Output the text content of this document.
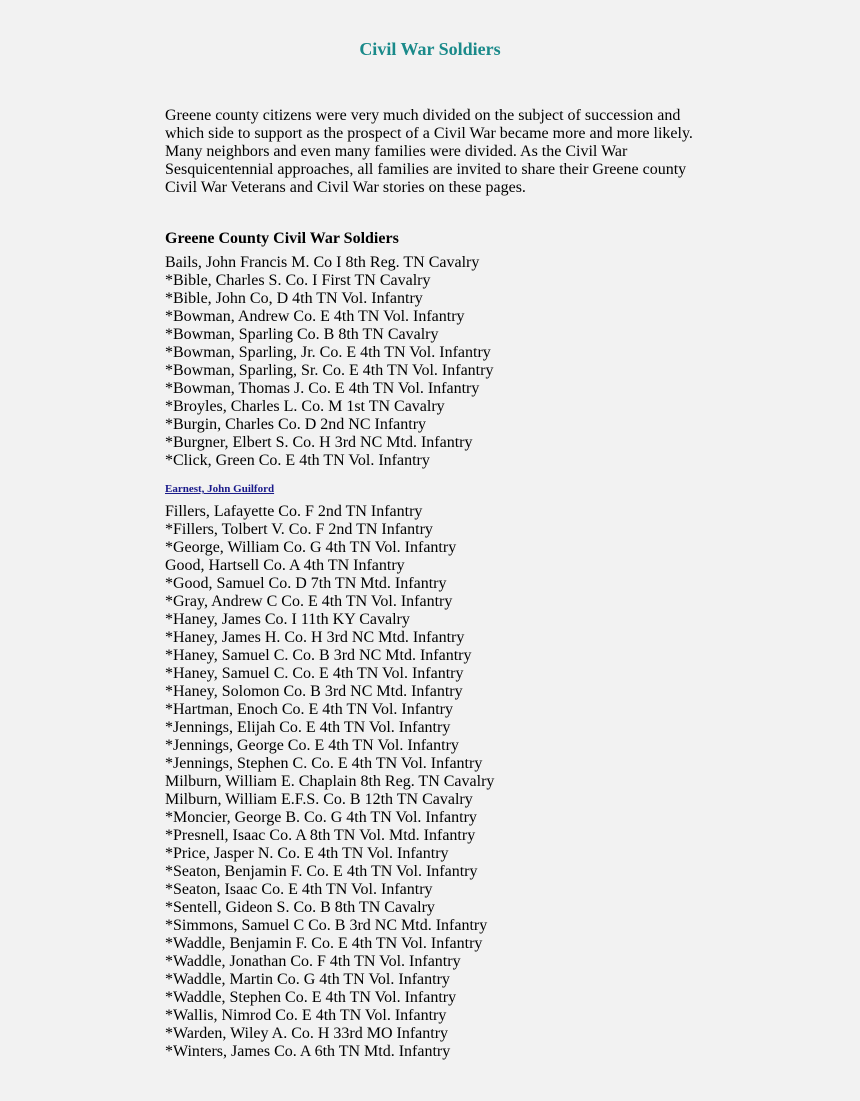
Civil War Soldiers
Greene county citizens were very much divided on the subject of succession and
which side to support as the prospect of a Civil War became more and more likely.
Many neighbors and even many families were divided. As the Civil War
Sesquicentennial approaches, all families are invited to share their Greene county
Civil War Veterans and Civil War stories on these pages.
Greene County Civil War Soldiers
Bails, John Francis M. Co I 8th Reg. TN Cavalry
*Bible, Charles S. Co. I First TN Cavalry
*Bible, John Co, D 4th TN Vol. Infantry
*Bowman, Andrew Co. E 4th TN Vol. Infantry
*Bowman, Sparling Co. B 8th TN Cavalry
*Bowman, Sparling, Jr. Co. E 4th TN Vol. Infantry
*Bowman, Sparling, Sr. Co. E 4th TN Vol. Infantry
*Bowman, Thomas J. Co. E 4th TN Vol. Infantry
*Broyles, Charles L. Co. M 1st TN Cavalry
*Burgin, Charles Co. D 2nd NC Infantry
*Burgner, Elbert S. Co. H 3rd NC Mtd. Infantry
*Click, Green Co. E 4th TN Vol. Infantry
Earnest, John Guilford
Fillers, Lafayette Co. F 2nd TN Infantry
*Fillers, Tolbert V. Co. F 2nd TN Infantry
*George, William Co. G 4th TN Vol. Infantry
Good, Hartsell Co. A 4th TN Infantry
*Good, Samuel Co. D 7th TN Mtd. Infantry
*Gray, Andrew C Co. E 4th TN Vol. Infantry
*Haney, James Co. I 11th KY Cavalry
*Haney, James H. Co. H 3rd NC Mtd. Infantry
*Haney, Samuel C. Co. B 3rd NC Mtd. Infantry
*Haney, Samuel C. Co. E 4th TN Vol. Infantry
*Haney, Solomon Co. B 3rd NC Mtd. Infantry
*Hartman, Enoch Co. E 4th TN Vol. Infantry
*Jennings, Elijah Co. E 4th TN Vol. Infantry
*Jennings, George Co. E 4th TN Vol. Infantry
*Jennings, Stephen C. Co. E 4th TN Vol. Infantry
Milburn, William E. Chaplain 8th Reg. TN Cavalry
Milburn, William E.F.S. Co. B 12th TN Cavalry
*Moncier, George B. Co. G 4th TN Vol. Infantry
*Presnell, Isaac Co. A 8th TN Vol. Mtd. Infantry
*Price, Jasper N. Co. E 4th TN Vol. Infantry
*Seaton, Benjamin F. Co. E 4th TN Vol. Infantry
*Seaton, Isaac Co. E 4th TN Vol. Infantry
*Sentell, Gideon S. Co. B 8th TN Cavalry
*Simmons, Samuel C Co. B 3rd NC Mtd. Infantry
*Waddle, Benjamin F. Co. E 4th TN Vol. Infantry
*Waddle, Jonathan Co. F 4th TN Vol. Infantry
*Waddle, Martin Co. G 4th TN Vol. Infantry
*Waddle, Stephen Co. E 4th TN Vol. Infantry
*Wallis, Nimrod Co. E 4th TN Vol. Infantry
*Warden, Wiley A. Co. H 33rd MO Infantry
*Winters, James Co. A 6th TN Mtd. Infantry
